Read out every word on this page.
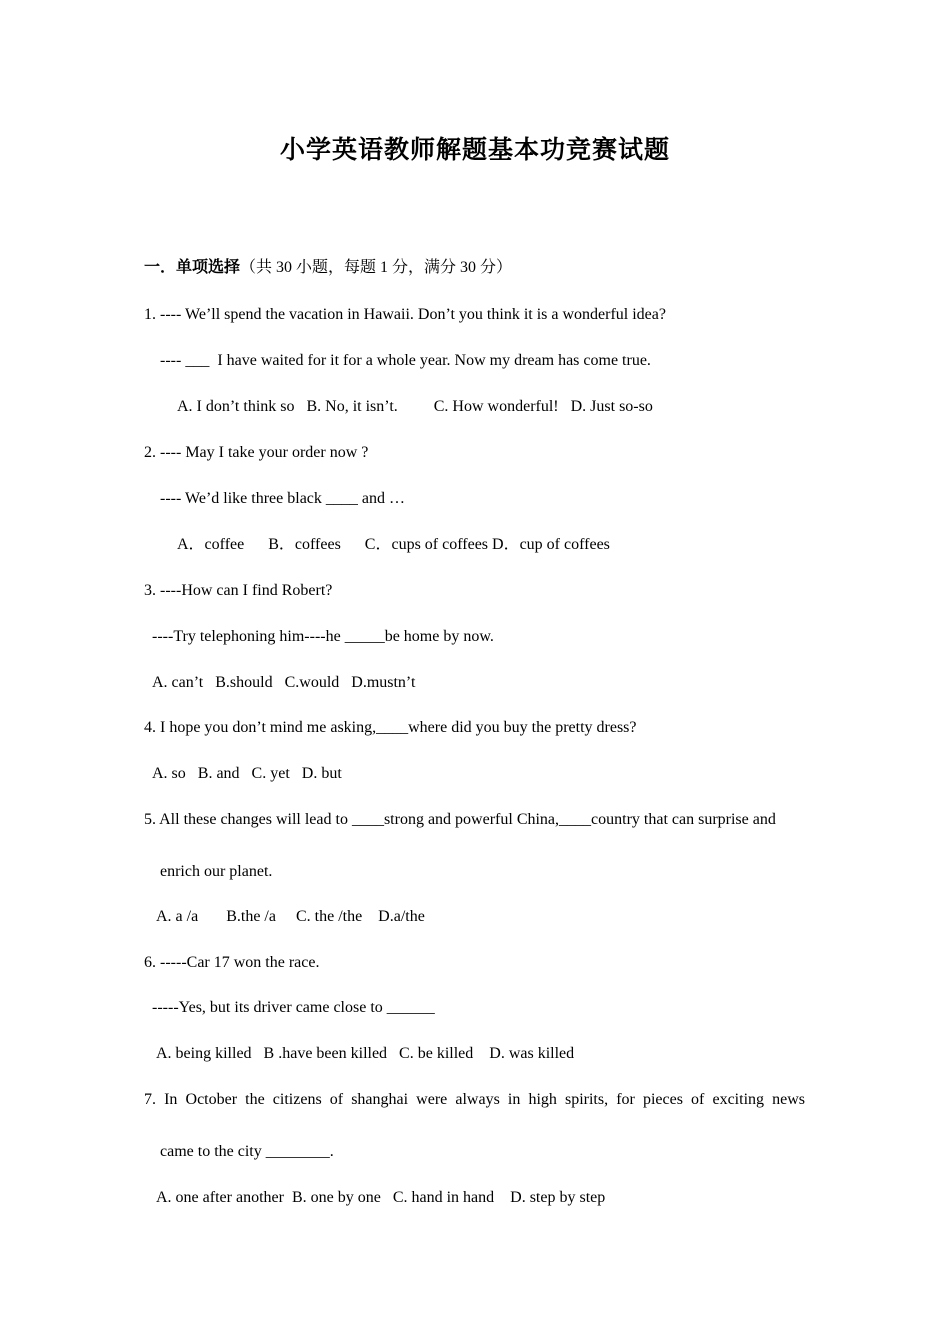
小学英语教师解题基本功竞赛试题
一．单项选择（共 30 小题，每题 1 分，满分 30 分）
1. ---- We’ll spend the vacation in Hawaii. Don’t you think it is a wonderful idea?
---- ___  I have waited for it for a whole year. Now my dream has come true.
A. I don’t think so   B. No, it isn’t.         C. How wonderful!   D. Just so-so
2. ---- May I take your order now ?
---- We’d like three black ____ and …
A．coffee      B．coffees      C．cups of coffees D．cup of coffees
3. ----How can I find Robert?
----Try telephoning him----he _____be home by now.
A. can’t   B.should   C.would   D.mustn’t
4. I hope you don’t mind me asking,____where did you buy the pretty dress?
A. so   B. and   C. yet   D. but
5. All these changes will lead to ____strong and powerful China,____country that can surprise and
enrich our planet.
A. a /a       B.the /a     C. the /the    D.a/the
6. -----Car 17 won the race.
-----Yes, but its driver came close to ______
A. being killed   B .have been killed   C. be killed    D. was killed
7. In October the citizens of shanghai were always in high spirits, for pieces of exciting news
came to the city ________.
A. one after another  B. one by one   C. hand in hand    D. step by step
